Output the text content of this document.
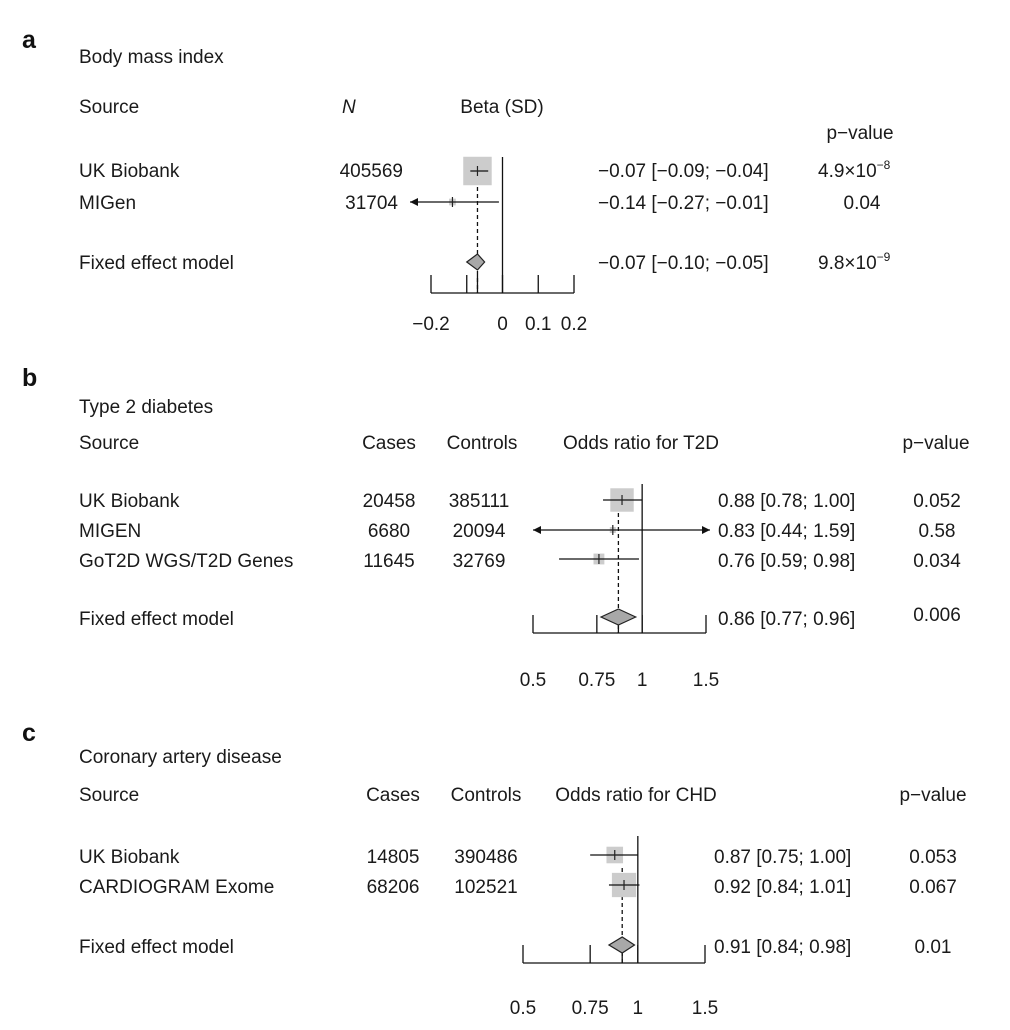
a
Body mass index
Source	N	Beta (SD)
p−value
UK Biobank	405569	−0.07 [−0.09; −0.04]	$4.9\times 10^{-8}$
MIGen	31704	−0.14 [−0.27; −0.01]	0.04
Fixed effect model	−0.07 [−0.10; −0.05]	$9.8\times 10^{-9}$
−0.2 0 0.1 0.2
b
Type 2 diabetes
Source	Cases Controls Odds ratio for T2D	p−value
UK Biobank	20458 385111	0.88 [0.78; 1.00]	0.052
MIGEN	6680 20094	0.83 [0.44; 1.59]	0.58
GoT2D WGS/T2D Genes	11645 32769	0.76 [0.59; 0.98]	0.034
Fixed effect model	0.86 [0.77; 0.96]	0.006
0.5 0.75 1 1.5
c
Coronary artery disease
Source	Cases Controls Odds ratio for CHD	p−value
UK Biobank	14805 390486	0.87 [0.75; 1.00]	0.053
CARDIOGRAM Exome	68206 102521	0.92 [0.84; 1.01]	0.067
Fixed effect model	0.91 [0.84; 0.98]	0.01
0.5 0.75 1	1.5
